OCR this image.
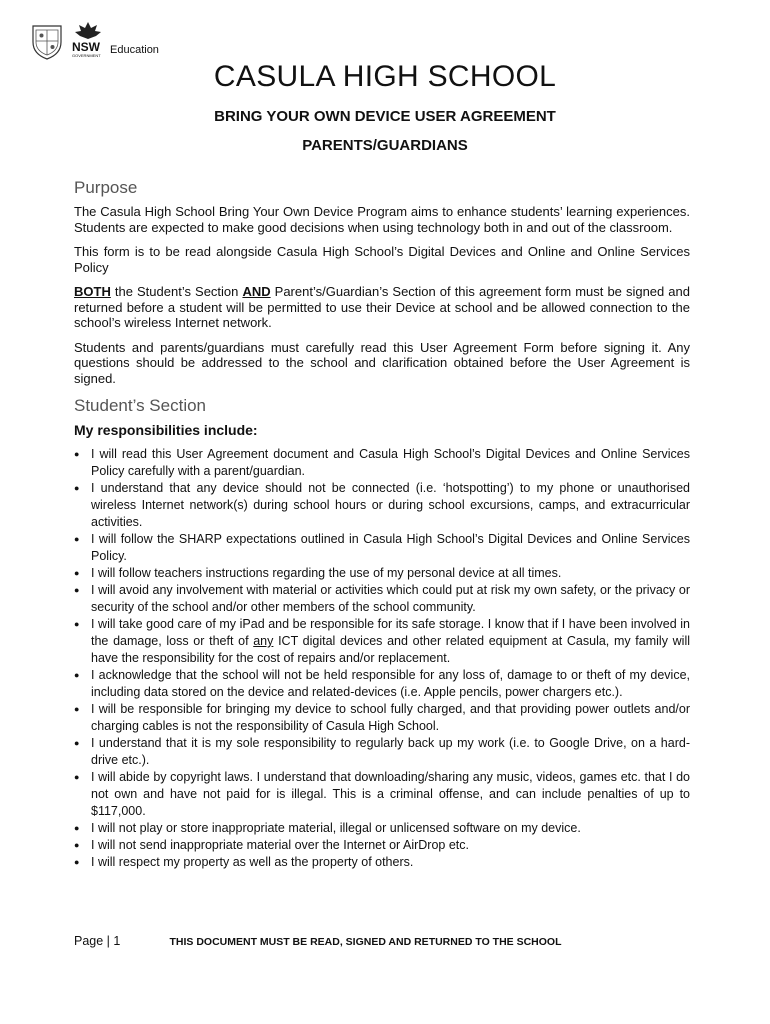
NSW
GOVERNMENT Education
CASULA HIGH SCHOOL
BRING YOUR OWN DEVICE USER AGREEMENT
PARENTS/GUARDIANS
Purpose

The Casula High School Bring Your Own Device Program aims to enhance students’ learning experiences. Students are expected to make good decisions when using technology both in and out of the classroom.

This form is to be read alongside Casula High School’s Digital Devices and Online and Online Services Policy

BOTH the Student’s Section AND Parent’s/Guardian’s Section of this agreement form must be signed and returned before a student will be permitted to use their Device at school and be allowed connection to the school’s wireless Internet network.

Students and parents/guardians must carefully read this User Agreement Form before signing it. Any questions should be addressed to the school and clarification obtained before the User Agreement is signed.

Student’s Section
My responsibilities include:
● I will read this User Agreement document and Casula High School’s Digital Devices and Online Services Policy carefully with a parent/guardian.
● I understand that any device should not be connected (i.e. ‘hotspotting’) to my phone or unauthorised wireless Internet network(s) during school hours or during school excursions, camps, and extracurricular activities.
● I will follow the SHARP expectations outlined in Casula High School’s Digital Devices and Online Services Policy.
● I will follow teachers instructions regarding the use of my personal device at all times.
● I will avoid any involvement with material or activities which could put at risk my own safety, or the privacy or security of the school and/or other members of the school community.
● I will take good care of my iPad and be responsible for its safe storage. I know that if I have been involved in the damage, loss or theft of any ICT digital devices and other related equipment at Casula, my family will have the responsibility for the cost of repairs and/or replacement.
● I acknowledge that the school will not be held responsible for any loss of, damage to or theft of my device, including data stored on the device and related-devices (i.e. Apple pencils, power chargers etc.).
● I will be responsible for bringing my device to school fully charged, and that providing power outlets and/or charging cables is not the responsibility of Casula High School.
● I understand that it is my sole responsibility to regularly back up my work (i.e. to Google Drive, on a hard-drive etc.).
● I will abide by copyright laws. I understand that downloading/sharing any music, videos, games etc. that I do not own and have not paid for is illegal. This is a criminal offense, and can include penalties of up to $117,000.
● I will not play or store inappropriate material, illegal or unlicensed software on my device.
● I will not send inappropriate material over the Internet or AirDrop etc.
● I will respect my property as well as the property of others.
Page | 1	THIS DOCUMENT MUST BE READ, SIGNED AND RETURNED TO THE SCHOOL
